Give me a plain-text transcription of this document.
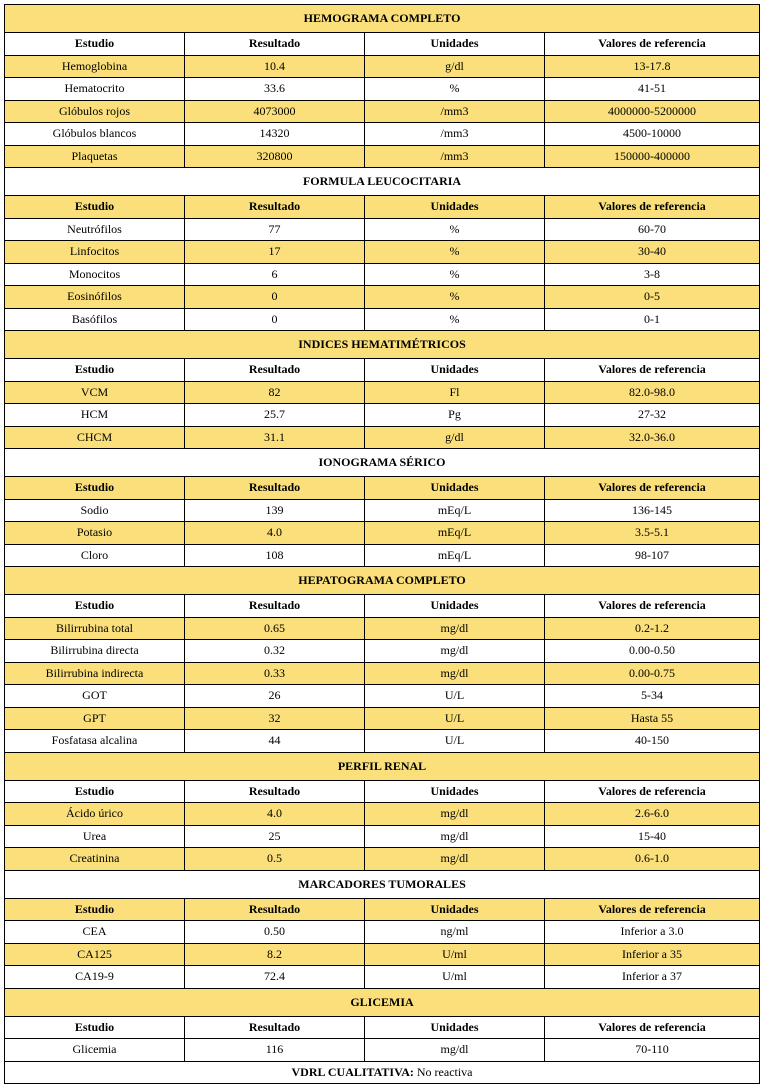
HEMOGRAMA COMPLETO			
Estudio	Resultado	Unidades	Valores de referencia
Hemoglobina	10.4	g/dl	13-17.8
Hematocrito	33.6	%	41-51
Glóbulos rojos	4073000	/mm3	4000000-5200000
Glóbulos blancos	14320	/mm3	4500-10000
Plaquetas	320800	/mm3	150000-400000
FORMULA LEUCOCITARIA			
Estudio	Resultado	Unidades	Valores de referencia
Neutrófilos	77	%	60-70
Linfocitos	17	%	30-40
Monocitos	6	%	3-8
Eosinófilos	0	%	0-5
Basófilos	0	%	0-1
INDICES HEMATIMÉTRICOS			
Estudio	Resultado	Unidades	Valores de referencia
VCM	82	Fl	82.0-98.0
HCM	25.7	Pg	27-32
CHCM	31.1	g/dl	32.0-36.0
IONOGRAMA SÉRICO			
Estudio	Resultado	Unidades	Valores de referencia
Sodio	139	mEq/L	136-145
Potasio	4.0	mEq/L	3.5-5.1
Cloro	108	mEq/L	98-107
HEPATOGRAMA COMPLETO			
Estudio	Resultado	Unidades	Valores de referencia
Bilirrubina total	0.65	mg/dl	0.2-1.2
Bilirrubina directa	0.32	mg/dl	0.00-0.50
Bilirrubina indirecta	0.33	mg/dl	0.00-0.75
GOT	26	U/L	5-34
GPT	32	U/L	Hasta 55
Fosfatasa alcalina	44	U/L	40-150
PERFIL RENAL			
Estudio	Resultado	Unidades	Valores de referencia
Ácido úrico	4.0	mg/dl	2.6-6.0
Urea	25	mg/dl	15-40
Creatinina	0.5	mg/dl	0.6-1.0
MARCADORES TUMORALES			
Estudio	Resultado	Unidades	Valores de referencia
CEA	0.50	ng/ml	Inferior a 3.0
CA125	8.2	U/ml	Inferior a 35
CA19-9	72.4	U/ml	Inferior a 37
GLICEMIA			
Estudio	Resultado	Unidades	Valores de referencia
Glicemia	116	mg/dl	70-110
VDRL CUALITATIVA: No reactiva			
